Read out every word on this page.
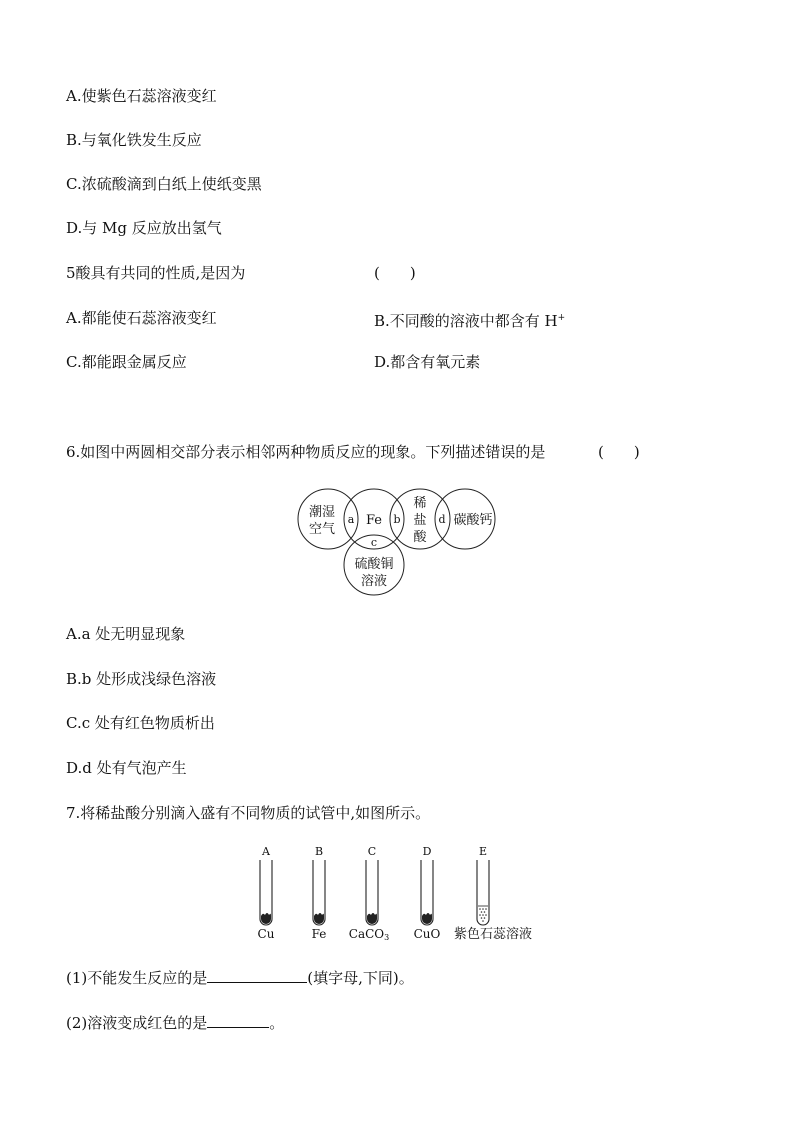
A.使紫色石蕊溶液变红
B.与氧化铁发生反应
C.浓硫酸滴到白纸上使纸变黑
D.与 Mg 反应放出氢气
5酸具有共同的性质,是因为	(　　)
A.都能使石蕊溶液变红	B.不同酸的溶液中都含有 H+
C.都能跟金属反应	D.都含有氧元素
6.如图中两圆相交部分表示相邻两种物质反应的现象。下列描述错误的是	(　　)
潮湿
空气
Fe
稀
盐
酸
碳酸钙
硫酸铜
溶液
a	b
c
d
A.a 处无明显现象
B.b 处形成浅绿色溶液
C.c 处有红色物质析出
D.d 处有气泡产生
7.将稀盐酸分别滴入盛有不同物质的试管中,如图所示。
A	B	C	D	E
Cu	Fe CaCO3 CuO 紫色石蕊溶液
(1)不能发生反应的是	(填字母,下同)。
(2)溶液变成红色的是	。
